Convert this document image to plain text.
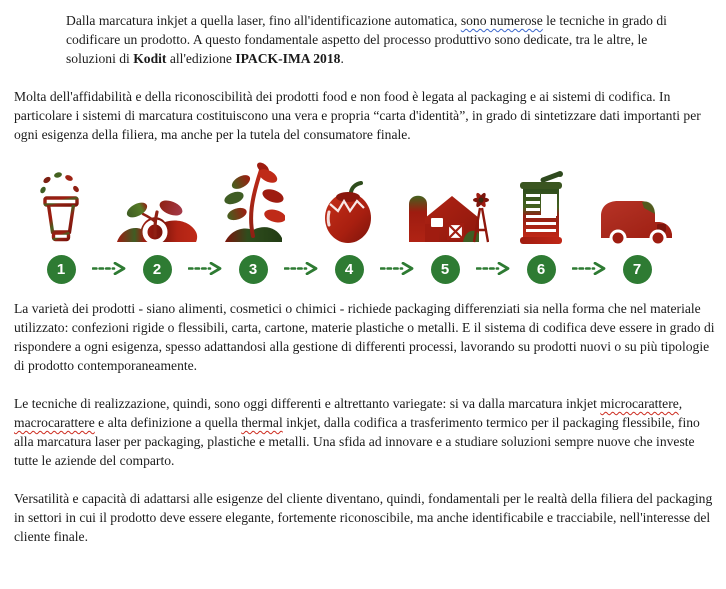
Dalla marcatura inkjet a quella laser, fino all'identificazione automatica, sono numerose le tecniche in grado di codificare un prodotto. A questo fondamentale aspetto del processo produttivo sono dedicate, tra le altre, le soluzioni di Kodit all'edizione IPACK-IMA 2018.

Molta dell'affidabilità e della riconoscibilità dei prodotti food e non food è legata al packaging e ai sistemi di codifica. In particolare i sistemi di marcatura costituiscono una vera e propria “carta d'identità”, in grado di sintetizzare dati importanti per ogni esigenza della filiera, ma anche per la tutela del consumatore finale.

1	2	3	4	5	6	7

La varietà dei prodotti - siano alimenti, cosmetici o chimici - richiede packaging differenziati sia nella forma che nel materiale utilizzato: confezioni rigide o flessibili, carta, cartone, materie plastiche o metalli. E il sistema di codifica deve essere in grado di rispondere a ogni esigenza, spesso adattandosi alla gestione di differenti processi, lavorando su prodotti nuovi o su più tipologie di prodotto contemporaneamente.

Le tecniche di realizzazione, quindi, sono oggi differenti e altrettanto variegate: si va dalla marcatura inkjet microcarattere, macrocarattere e alta definizione a quella thermal inkjet, dalla codifica a trasferimento termico per il packaging flessibile, fino alla marcatura laser per packaging, plastiche e metalli. Una sfida ad innovare e a studiare soluzioni sempre nuove che investe tutte le aziende del comparto.

Versatilità e capacità di adattarsi alle esigenze del cliente diventano, quindi, fondamentali per le realtà della filiera del packaging in settori in cui il prodotto deve essere elegante, fortemente riconoscibile, ma anche identificabile e tracciabile, nell'interesse del cliente finale.
